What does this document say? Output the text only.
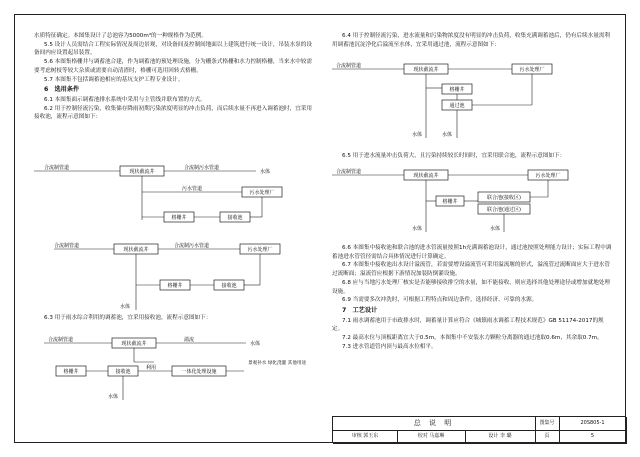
水质特征确定。本图集设计了总池容为5000m³的一种规格作为范例。

5.5 设计人员需结合工程实际情况及周边景观，对设备间及控制间地面以上建筑进行统一设计，吊装水泵的设备间内应设置起吊装置。

5.6 本图集格栅井与调蓄池合建，作为调蓄池的预处理设施，分为栅条式格栅和水力控制格栅，当来水中较需要考虑树枝等较大杂质或需要自动清渣时，格栅可选用回转式格栅。

5.7 本图集不包括调蓄池相应的基坑支护工程专业设计。

6　选用条件

6.1 本图集面示调蓄池排水系统中采用与主管线并联布置的方式。

6.2 用于控制径流污染，收集储存降雨初期污染浓度明显的冲击负荷，而后续水量不再进入调蓄池时，宜采用接收池，流程示意图如下：

现状截流井
合流制管道	合流制污水管道
水体
污水管道
污水处理厂
格栅井	接收池
现状截流井
合流制管道	合流制污水管道
污水处理厂
水体
格栅井	接收池

6.3 用于雨水综合利用的调蓄池，宜采用接收池，流程示意图如下：

现状截流井
合流制管道	溢流
水体
格栅井	接收池	一体化处理设施
利用
景观补水 绿化浇灌 其他用途
水体

6.4 用于控制径流污染，进水流量和污染物浓度没有明显的冲击负荷，收集充满调蓄池后，仍有后续水量需利用调蓄池沉淀净化后溢流至水体，宜采用通过池，流程示意图如下：

现状截流井
合流制管道
污水处理厂
格栅井
通过池
水体
水体

6.5 用于进水流量冲击负荷大，且污染持续较长时间时，宜采用联合池，流程示意图如下：

现状截流井
合流制管道
污水处理厂
水体
格栅井
联合池(接收区)
联合池(通过区)
水体

6.6 本图集中接收池和联合池的进水管流量按照1h充满调蓄池设计，通过池按照处理能力设计；实际工程中调蓄池进水管管径需结合具体情况进行计算确定。

6.7 本图集中接收池出水设计溢流管，若需要增设溢流管可采用溢流堰的形式，溢流管过流断面应大于进水管过流断面；溢流管应根据下游情况加装防倒灌设施。

6.8 应与当地污水处理厂核实是否能够接收排空的水量，如不能接收，则应选择其他处理途径或增加就地处理设施。

6.9 当需要多次冲洗时，可根据工程特点和周边条件，选择经济、可靠的水源。

7　工艺设计

7.1 雨水调蓄池用于市政排水时，调蓄量计算应符合《城镇雨水调蓄工程技术规范》GB 51174-2017的规定。

7.2 最高水位与顶板距离宜大于0.5m，本图集中不安装水力颗粒分离器的通过池取0.6m，其余取0.7m。

7.3 进水管道管内顶与最高水位相平。

总 说 明	图集号	20S805-1
审核 郭玉东	校对 马嘉琳	设计 李 璐	页	5
